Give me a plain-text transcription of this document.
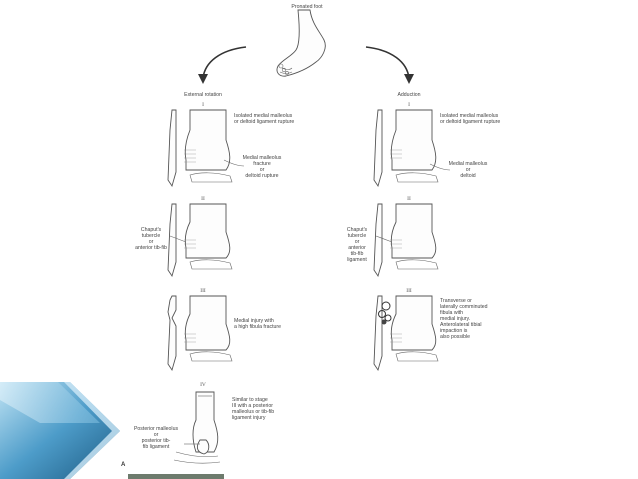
Pronated foot
External rotation	Adduction
I
Isolated medial malleolus
or deltoid ligament rupture
Medial malleolus
fracture
or
deltoid rupture
II
Chaput's
tubercle
or
anterior tib-fib
III
Medial injury with
a high fibula fracture
IV
Similar to stage
III with a posterior
malleolus or tib-fib
ligament injury
Posterior malleolus
or
posterior tib-
fib ligament
I
Isolated medial malleolus
or deltoid ligament rupture
Medial malleolus
or
deltoid
II
Chaput's
tubercle
or
anterior
tib-fib
ligament
III
Transverse or
laterally comminuted
fibula with
medial injury.
Anterolateral tibial
impaction is
also possible
A
